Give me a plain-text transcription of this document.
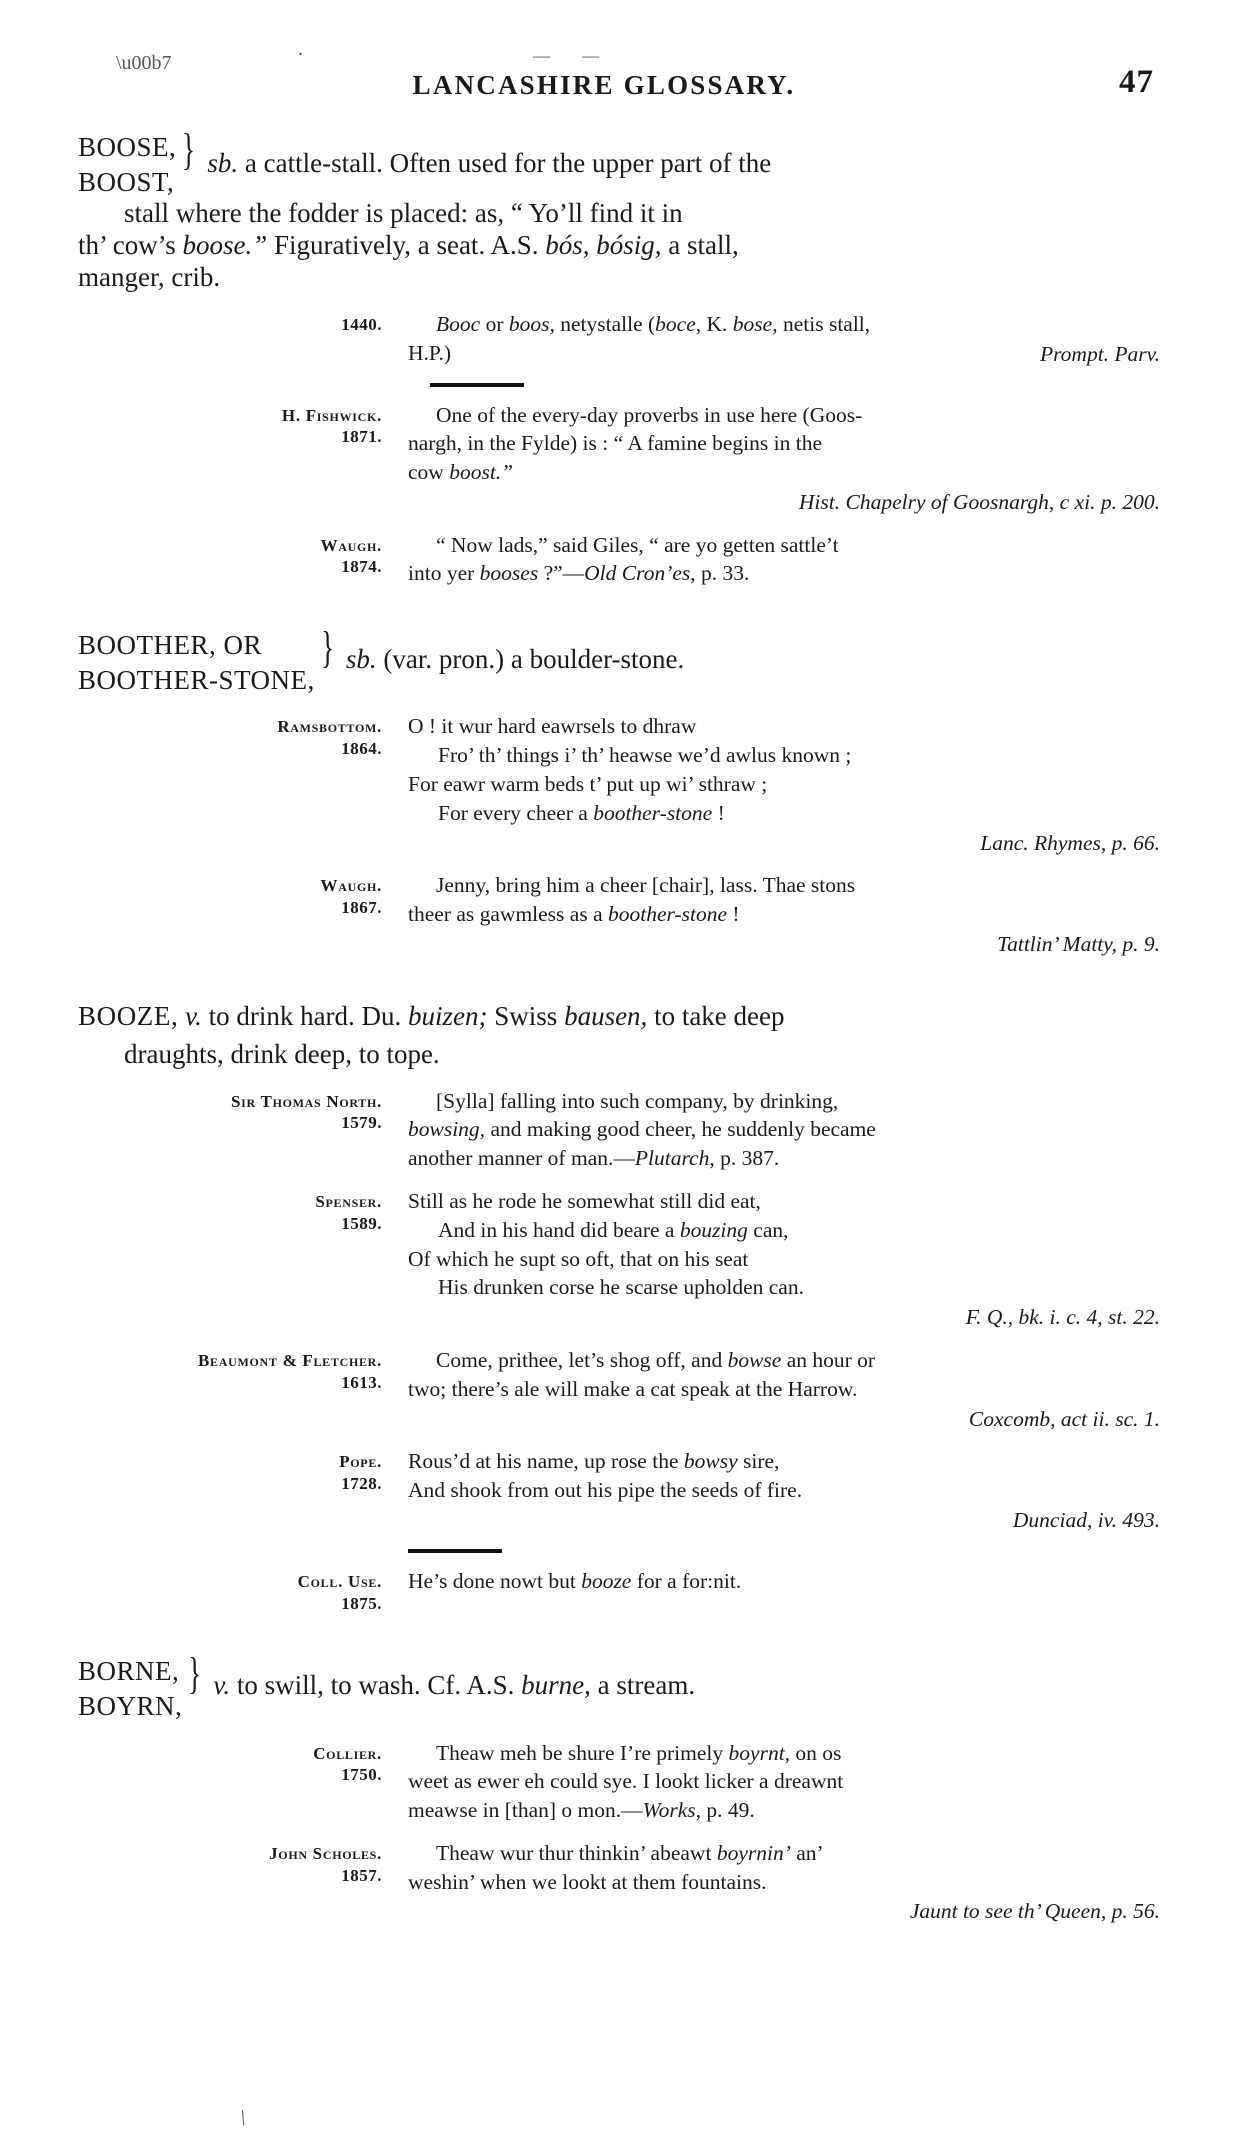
\u00b7
.	— —
LANCASHIRE GLOSSARY.	47
BOOSE,
BOOST,
} sb. a cattle-stall. Often used for the upper part of the
stall where the fodder is placed: as, “ Yo’ll find it in
th’ cow’s boose.” Figuratively, a seat. A.S. bós, bósig, a stall,
manger, crib.
1440.	Booc or boos, netystalle (boce, K. bose, netis stall,
H.P.)	Prompt. Parv.
H. Fishwick.
1871.
One of the every-day proverbs in use here (Goos-
nargh, in the Fylde) is : “ A famine begins in the
cow boost.”
Hist. Chapelry of Goosnargh, c xi. p. 200.
Waugh.
1874.
“ Now lads,” said Giles, “ are yo getten sattle’t
into yer booses ?”—Old Cron’es, p. 33.
BOOTHER, OR
BOOTHER-STONE,
} sb. (var. pron.) a boulder-stone.
Ramsbottom.
1864.
O ! it wur hard eawrsels to dhraw
Fro’ th’ things i’ th’ heawse we’d awlus known ;
For eawr warm beds t’ put up wi’ sthraw ;
For every cheer a boother-stone !
Lanc. Rhymes, p. 66.
Waugh.
1867.
Jenny, bring him a cheer [chair], lass. Thae stons
theer as gawmless as a boother-stone !
Tattlin’ Matty, p. 9.
BOOZE, v. to drink hard. Du. buizen; Swiss bausen, to take deep
draughts, drink deep, to tope.
Sir Thomas North.
1579.
[Sylla] falling into such company, by drinking,
bowsing, and making good cheer, he suddenly became
another manner of man.—Plutarch, p. 387.
Spenser.
1589.
Still as he rode he somewhat still did eat,
And in his hand did beare a bouzing can,
Of which he supt so oft, that on his seat
His drunken corse he scarse upholden can.
F. Q., bk. i. c. 4, st. 22.
Beaumont & Fletcher.
1613.
Come, prithee, let’s shog off, and bowse an hour or
two; there’s ale will make a cat speak at the Harrow.
Coxcomb, act ii. sc. 1.
Pope.
1728.
Rous’d at his name, up rose the bowsy sire,
And shook from out his pipe the seeds of fire.
Dunciad, iv. 493.
Coll. Use.
1875.
He’s done nowt but booze for a for:nit.
BORNE,
BOYRN,
} v. to swill, to wash. Cf. A.S. burne, a stream.
Collier.
1750.
Theaw meh be shure I’re primely boyrnt, on os
weet as ewer eh could sye. I lookt licker a dreawnt
meawse in [than] o mon.—Works, p. 49.
John Scholes.
1857.
Theaw wur thur thinkin’ abeawt boyrnin’ an’
weshin’ when we lookt at them fountains.
Jaunt to see th’ Queen, p. 56.
\
